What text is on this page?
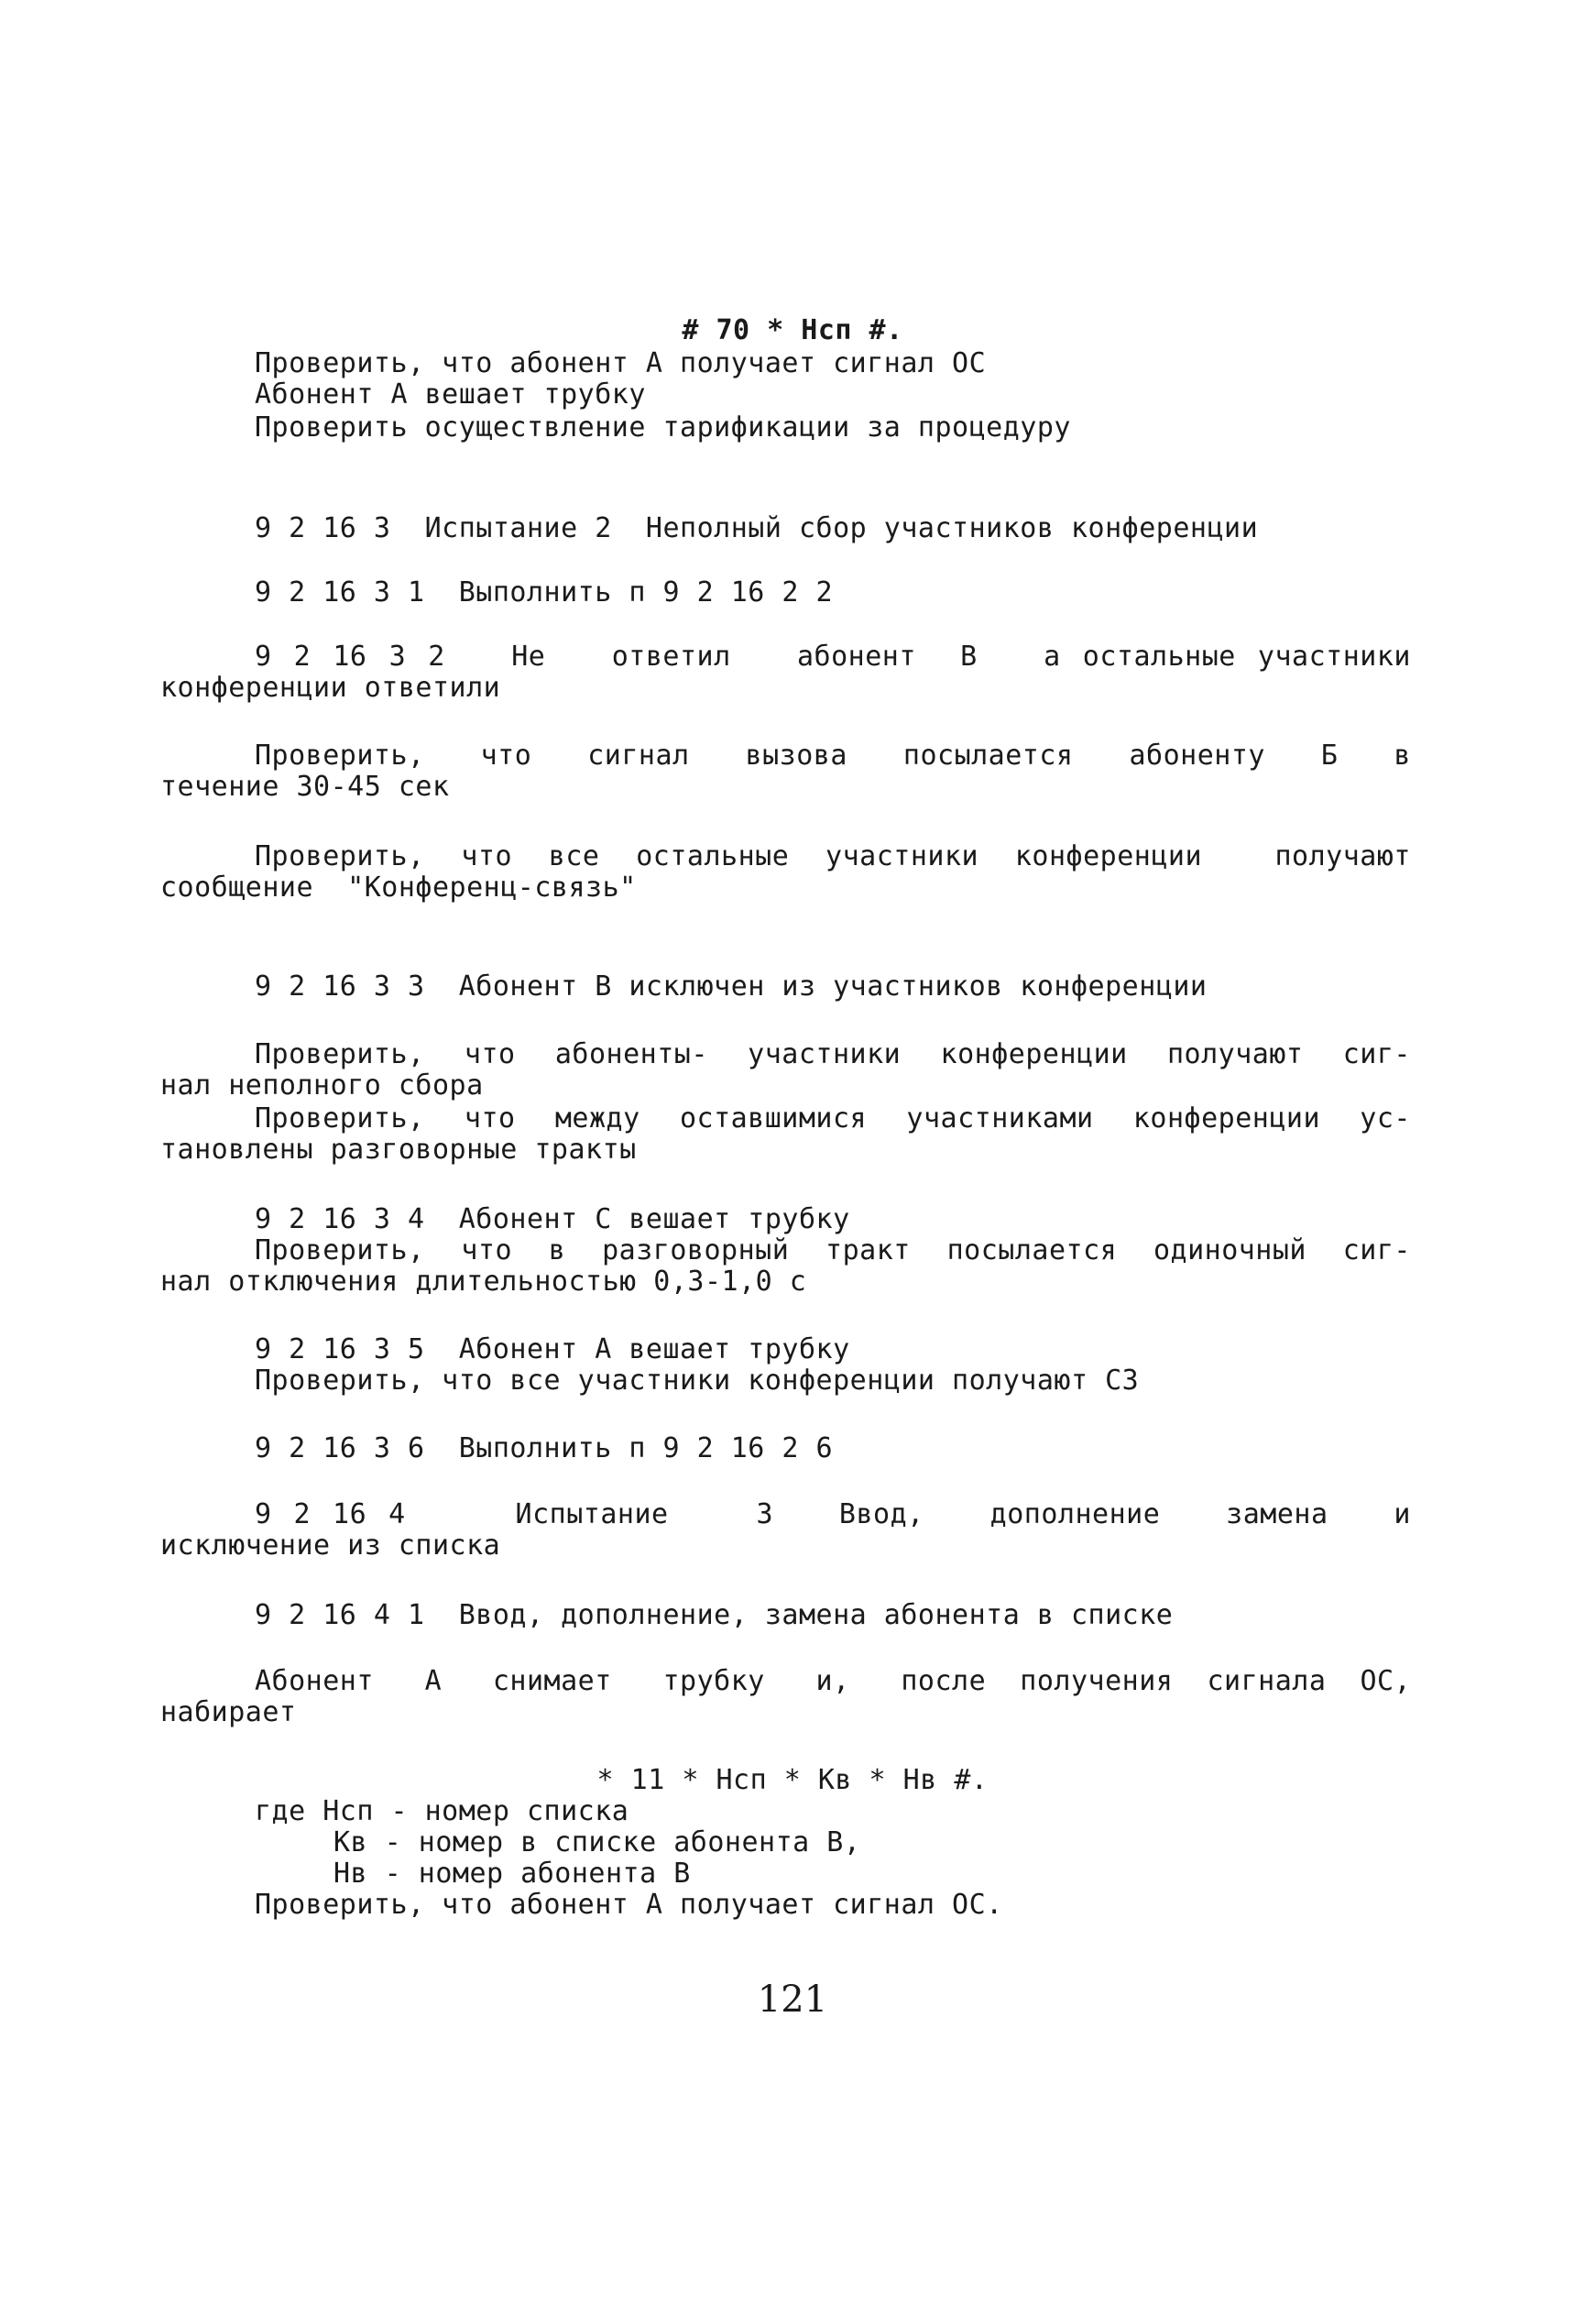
# 70 * Нсп #.

Проверить, что абонент А получает сигнал ОС

Абонент А вешает трубку

Проверить осуществление тарификации за процедуру

9 2 16 3  Испытание 2  Неполный сбор участников конференции

9 2 16 3 1  Выполнить п 9 2 16 2 2

9 2 16 3 2   Не   ответил   абонент  В   а остальные участники

конференции ответили

Проверить,  что  сигнал  вызова  посылается  абоненту  Б  в

течение 30-45 сек

Проверить, что все остальные участники конференции  получают

сообщение  "Конференц-связь"

9 2 16 3 3  Абонент В исключен из участников конференции

Проверить, что абоненты- участники конференции получают сиг-

нал неполного сбора

Проверить, что между оставшимися участниками конференции ус-

тановлены разговорные тракты

9 2 16 3 4  Абонент С вешает трубку

Проверить, что в разговорный тракт посылается одиночный сиг-

нал отключения длительностью 0,3-1,0 с

9 2 16 3 5  Абонент А вешает трубку

Проверить, что все участники конференции получают СЗ

9 2 16 3 6  Выполнить п 9 2 16 2 6

9 2 16 4     Испытание    3   Ввод,   дополнение   замена   и

исключение из списка

9 2 16 4 1  Ввод, дополнение, замена абонента в списке

Абонент   А   снимает   трубку   и,   после  получения  сигнала  ОС,

набирает

* 11 * Нсп * Кв * Нв #.

где Нсп - номер списка

Кв - номер в списке абонента В,

Нв - номер абонента В

Проверить, что абонент А получает сигнал ОС.

121
